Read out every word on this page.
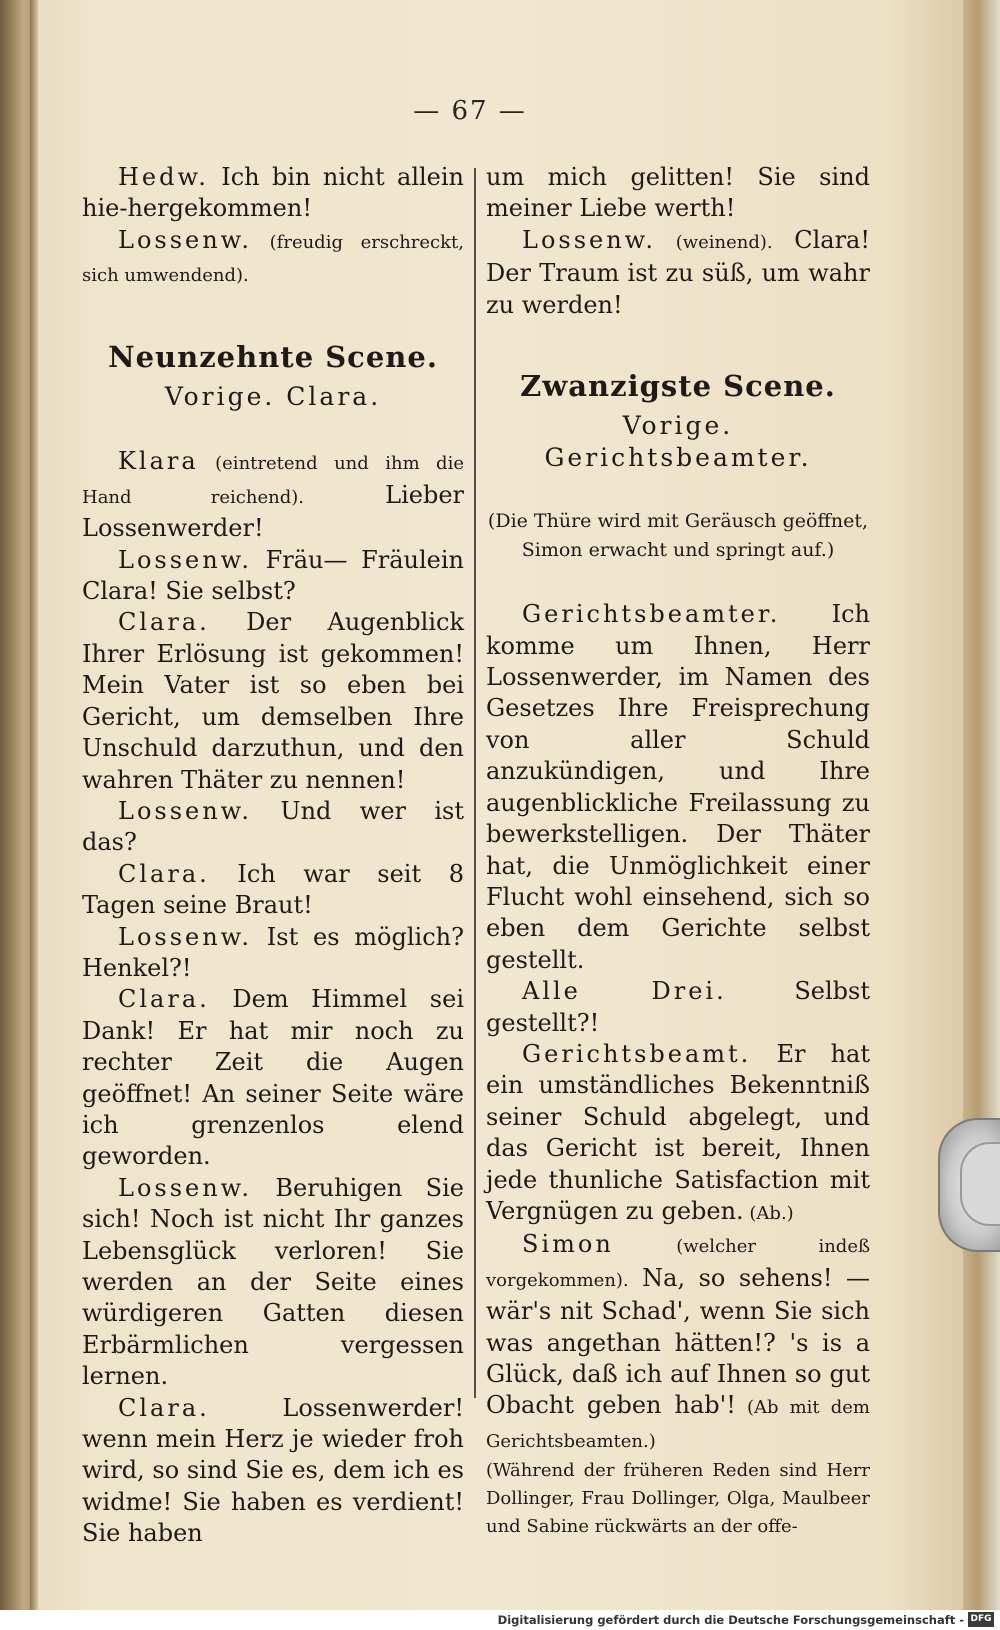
— 67 —

Hedw. Ich bin nicht allein hie-hergekommen!

Lossenw. (freudig erschreckt, sich umwendend).

Neunzehnte Scene.

Vorige. Clara.

Klara (eintretend und ihm die Hand reichend). Lieber Lossenwerder!

Lossenw. Fräu— Fräulein Clara! Sie selbst?

Clara. Der Augenblick Ihrer Erlösung ist gekommen! Mein Vater ist so eben bei Gericht, um demselben Ihre Unschuld darzuthun, und den wahren Thäter zu nennen!

Lossenw. Und wer ist das?

Clara. Ich war seit 8 Tagen seine Braut!

Lossenw. Ist es möglich? Henkel?!

Clara. Dem Himmel sei Dank! Er hat mir noch zu rechter Zeit die Augen geöffnet! An seiner Seite wäre ich grenzenlos elend geworden.

Lossenw. Beruhigen Sie sich! Noch ist nicht Ihr ganzes Lebensglück verloren! Sie werden an der Seite eines würdigeren Gatten diesen Erbärmlichen vergessen lernen.

Clara. Lossenwerder! wenn mein Herz je wieder froh wird, so sind Sie es, dem ich es widme! Sie haben es verdient! Sie haben

um mich gelitten! Sie sind meiner Liebe werth!

Lossenw. (weinend). Clara! Der Traum ist zu süß, um wahr zu werden!

Zwanzigste Scene.

Vorige. Gerichtsbeamter.

(Die Thüre wird mit Geräusch geöffnet, Simon erwacht und springt auf.)

Gerichtsbeamter. Ich komme um Ihnen, Herr Lossenwerder, im Namen des Gesetzes Ihre Freisprechung von aller Schuld anzukündigen, und Ihre augenblickliche Freilassung zu bewerkstelligen. Der Thäter hat, die Unmöglichkeit einer Flucht wohl einsehend, sich so eben dem Gerichte selbst gestellt.

Alle Drei. Selbst gestellt?!

Gerichtsbeamt. Er hat ein umständliches Bekenntniß seiner Schuld abgelegt, und das Gericht ist bereit, Ihnen jede thunliche Satisfaction mit Vergnügen zu geben. (Ab.)

Simon (welcher indeß vorgekommen). Na, so sehens! — wär's nit Schad', wenn Sie sich was angethan hätten!? 's is a Glück, daß ich auf Ihnen so gut Obacht geben hab'! (Ab mit dem Gerichtsbeamten.)

(Während der früheren Reden sind Herr Dollinger, Frau Dollinger, Olga, Maulbeer und Sabine rückwärts an der offe-

Digitalisierung gefördert durch die Deutsche Forschungsgemeinschaft - DFG
